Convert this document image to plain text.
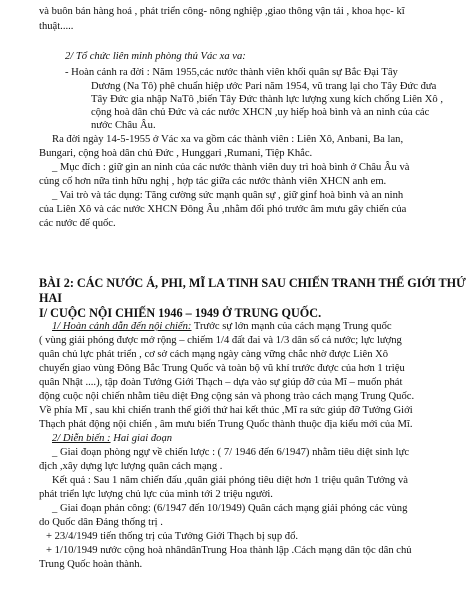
và buôn bán hàng hoá , phát triển công- nông nghiệp ,giao thông vận tải , khoa học- kĩ
thuật.....
2/ Tổ chức liên minh phòng thủ Vác xa va:
- Hoàn cảnh ra đời : Năm 1955,các nước thành viên khối quân sự Bắc Đại Tây
Dương (Na Tô) phê chuẩn hiệp ước Pari năm 1954, vũ trang lại cho Tây Đức đưa
Tây Đức gia nhập NaTô ,biến Tây Đức thành lực lượng xung kích chống Liên Xô ,
cộng hoà dân chủ Đức và các nước XHCN ,uy hiếp hoà bình và an ninh của các
nước Châu Âu.
Ra đời ngày 14-5-1955 ở Vác xa va gồm các thành viên : Liên Xô, Anbani, Ba lan,
Bungari, cộng hoà dân chủ Đức , Hunggari ,Rumani, Tiệp Khắc.
_ Mục đích : giữ gìn an ninh của các nước thành viên duy trì hoà bình ở Châu Âu và
củng cố hơn nữa tình hữu nghị , hợp tác giữa các nước thành viên XHCN anh em.
_ Vai trò và tác dụng: Tăng cường sức mạnh quân sự , giữ ginf hoà bình và an ninh
của Liên Xô và các nước XHCN Đông Âu ,nhằm đối phó trước âm mưu gây chiến của
các nước đế quốc.
BÀI 2: CÁC NƯỚC Á, PHI, MĨ LA TINH SAU CHIẾN TRANH THẾ GIỚI THỨ
HAI
I/ CUỘC NỘI CHIẾN 1946 – 1949 Ở TRUNG QUỐC.
1/ Hoàn cảnh dẫn đến nội chiến: Trước sự lớn mạnh của cách mạng Trung quốc
( vùng giải phóng được mở rộng – chiếm 1/4 đất đai và 1/3 dân số cả nước; lực lượng
quân chủ lực phát triển , cơ sở cách mạng ngày càng vững chắc nhờ được Liên Xô
chuyển giao vùng Đông Bắc Trung Quốc và toàn bộ vũ khí trước được của hơn 1 triệu
quân Nhật ....), tập đoàn Tưởng Giới Thạch – dựa vào sự giúp đỡ của Mĩ – muốn phát
động cuộc nội chiến nhằm tiêu diệt Đng cộng sản và phong trào cách mạng Trung Quốc.
Về phía Mĩ , sau khi chiến tranh thế giới thứ hai kết thúc ,Mĩ ra sức giúp đỡ Tưởng Giới
Thạch phát động nội chiến , âm mưu biến Trung Quốc thành thuộc địa kiểu mới của Mĩ.
2/ Diễn biến : Hai giai đoạn
_ Giai đoạn phòng ngự về chiến lược : ( 7/ 1946 đến 6/1947) nhằm tiêu diệt sinh lực
địch ,xây dựng lực lượng quân cách mạng .
Kết quả : Sau 1 năm chiến đấu ,quân giải phóng tiêu diệt hơn 1 triệu quân Tưởng và
phát triển lực lượng chủ lực của mình tới 2 triệu người.
_ Giai đoạn phản công: (6/1947 đến 10/1949) Quân cách mạng giải phóng các vùng
do Quốc dân Đảng thống trị .
+ 23/4/1949 tiến thống trị của Tưởng Giới Thạch bị sụp đổ.
+ 1/10/1949 nước cộng hoà nhândânTrung Hoa thành lập .Cách mạng dân tộc dân chủ
Trung Quốc hoàn thành.
